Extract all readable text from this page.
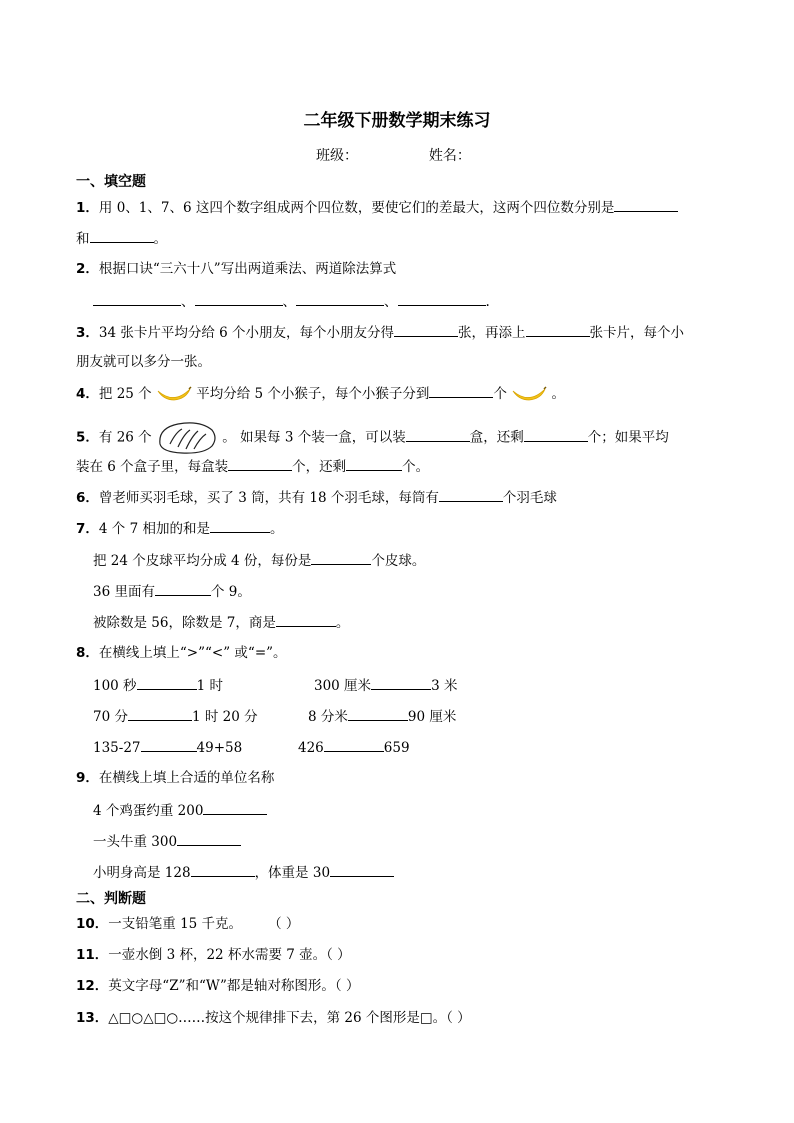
二年级下册数学期末练习
班级：	姓名：
一、填空题
1．用 0、1、7、6 这四个数字组成两个四位数，要使它们的差最大，这两个四位数分别是
和	。
2．根据口诀“三六十八”写出两道乘法、两道除法算式
、	、	、	.
3．34 张卡片平均分给 6 个小朋友，每个小朋友分得	张，再添上	张卡片，每个小
朋友就可以多分一张。
4．把 25 个	平均分给 5 个小猴子，每个小猴子分到	个	。
5．有 26 个	。 如果每 3 个装一盒，可以装	盒，还剩	个；如果平均
装在 6 个盒子里，每盒装	个，还剩	个。
6．曾老师买羽毛球，买了 3 筒，共有 18 个羽毛球，每筒有	个羽毛球
7．4 个 7 相加的和是	。
把 24 个皮球平均分成 4 份，每份是	个皮球。
36 里面有	个 9。
被除数是 56，除数是 7，商是	。
8．在横线上填上“>”“<” 或“=”。
100 秒	1 时	300 厘米	3 米
70 分	1 时 20 分	8 分米	90 厘米
135-27	49+58	426	659
9．在横线上填上合适的单位名称
4 个鸡蛋约重 200
一头牛重 300
小明身高是 128	，体重是 30
二、判断题
10．一支铅笔重 15 千克。 （ ）
11．一壶水倒 3 杯，22 杯水需要 7 壶。（ ）
12．英文字母“Z”和“W”都是轴对称图形。（ ）
13．△□○△□○……按这个规律排下去，第 26 个图形是□。（ ）
